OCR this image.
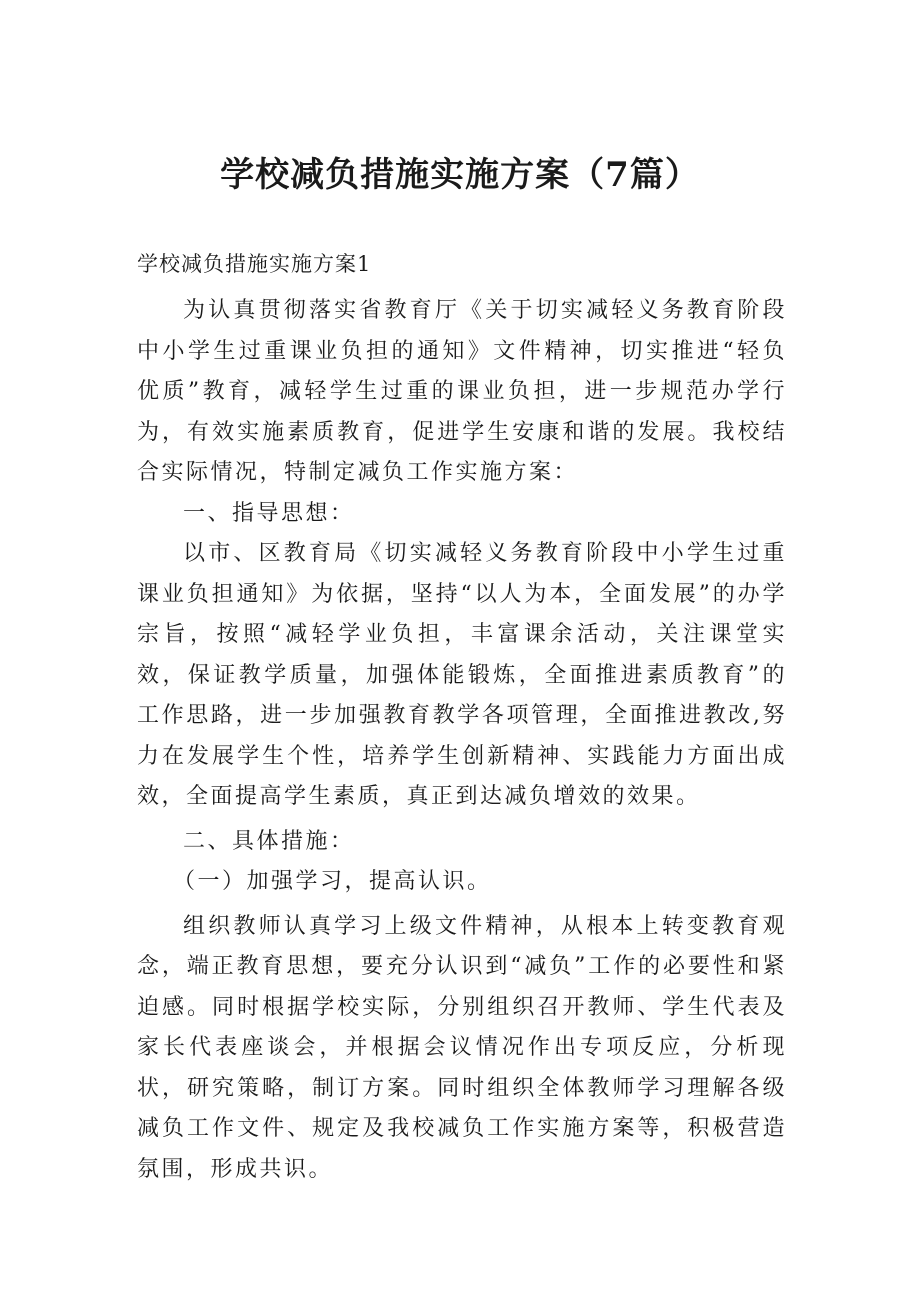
学校减负措施实施方案（7篇）

学校减负措施实施方案1

为认真贯彻落实省教育厅《关于切实减轻义务教育阶段中小学生过重课业负担的通知》文件精神，切实推进“轻负优质”教育，减轻学生过重的课业负担，进一步规范办学行为，有效实施素质教育，促进学生安康和谐的发展。我校结合实际情况，特制定减负工作实施方案：

一、指导思想：

以市、区教育局《切实减轻义务教育阶段中小学生过重课业负担通知》为依据，坚持“以人为本，全面发展”的办学宗旨，按照“减轻学业负担，丰富课余活动，关注课堂实效，保证教学质量，加强体能锻炼，全面推进素质教育”的工作思路，进一步加强教育教学各项管理，全面推进教改,努力在发展学生个性，培养学生创新精神、实践能力方面出成效，全面提高学生素质，真正到达减负增效的效果。

二、具体措施：

（一）加强学习，提高认识。

组织教师认真学习上级文件精神，从根本上转变教育观念，端正教育思想，要充分认识到“减负”工作的必要性和紧迫感。同时根据学校实际，分别组织召开教师、学生代表及家长代表座谈会，并根据会议情况作出专项反应，分析现状，研究策略，制订方案。同时组织全体教师学习理解各级减负工作文件、规定及我校减负工作实施方案等，积极营造氛围，形成共识。
